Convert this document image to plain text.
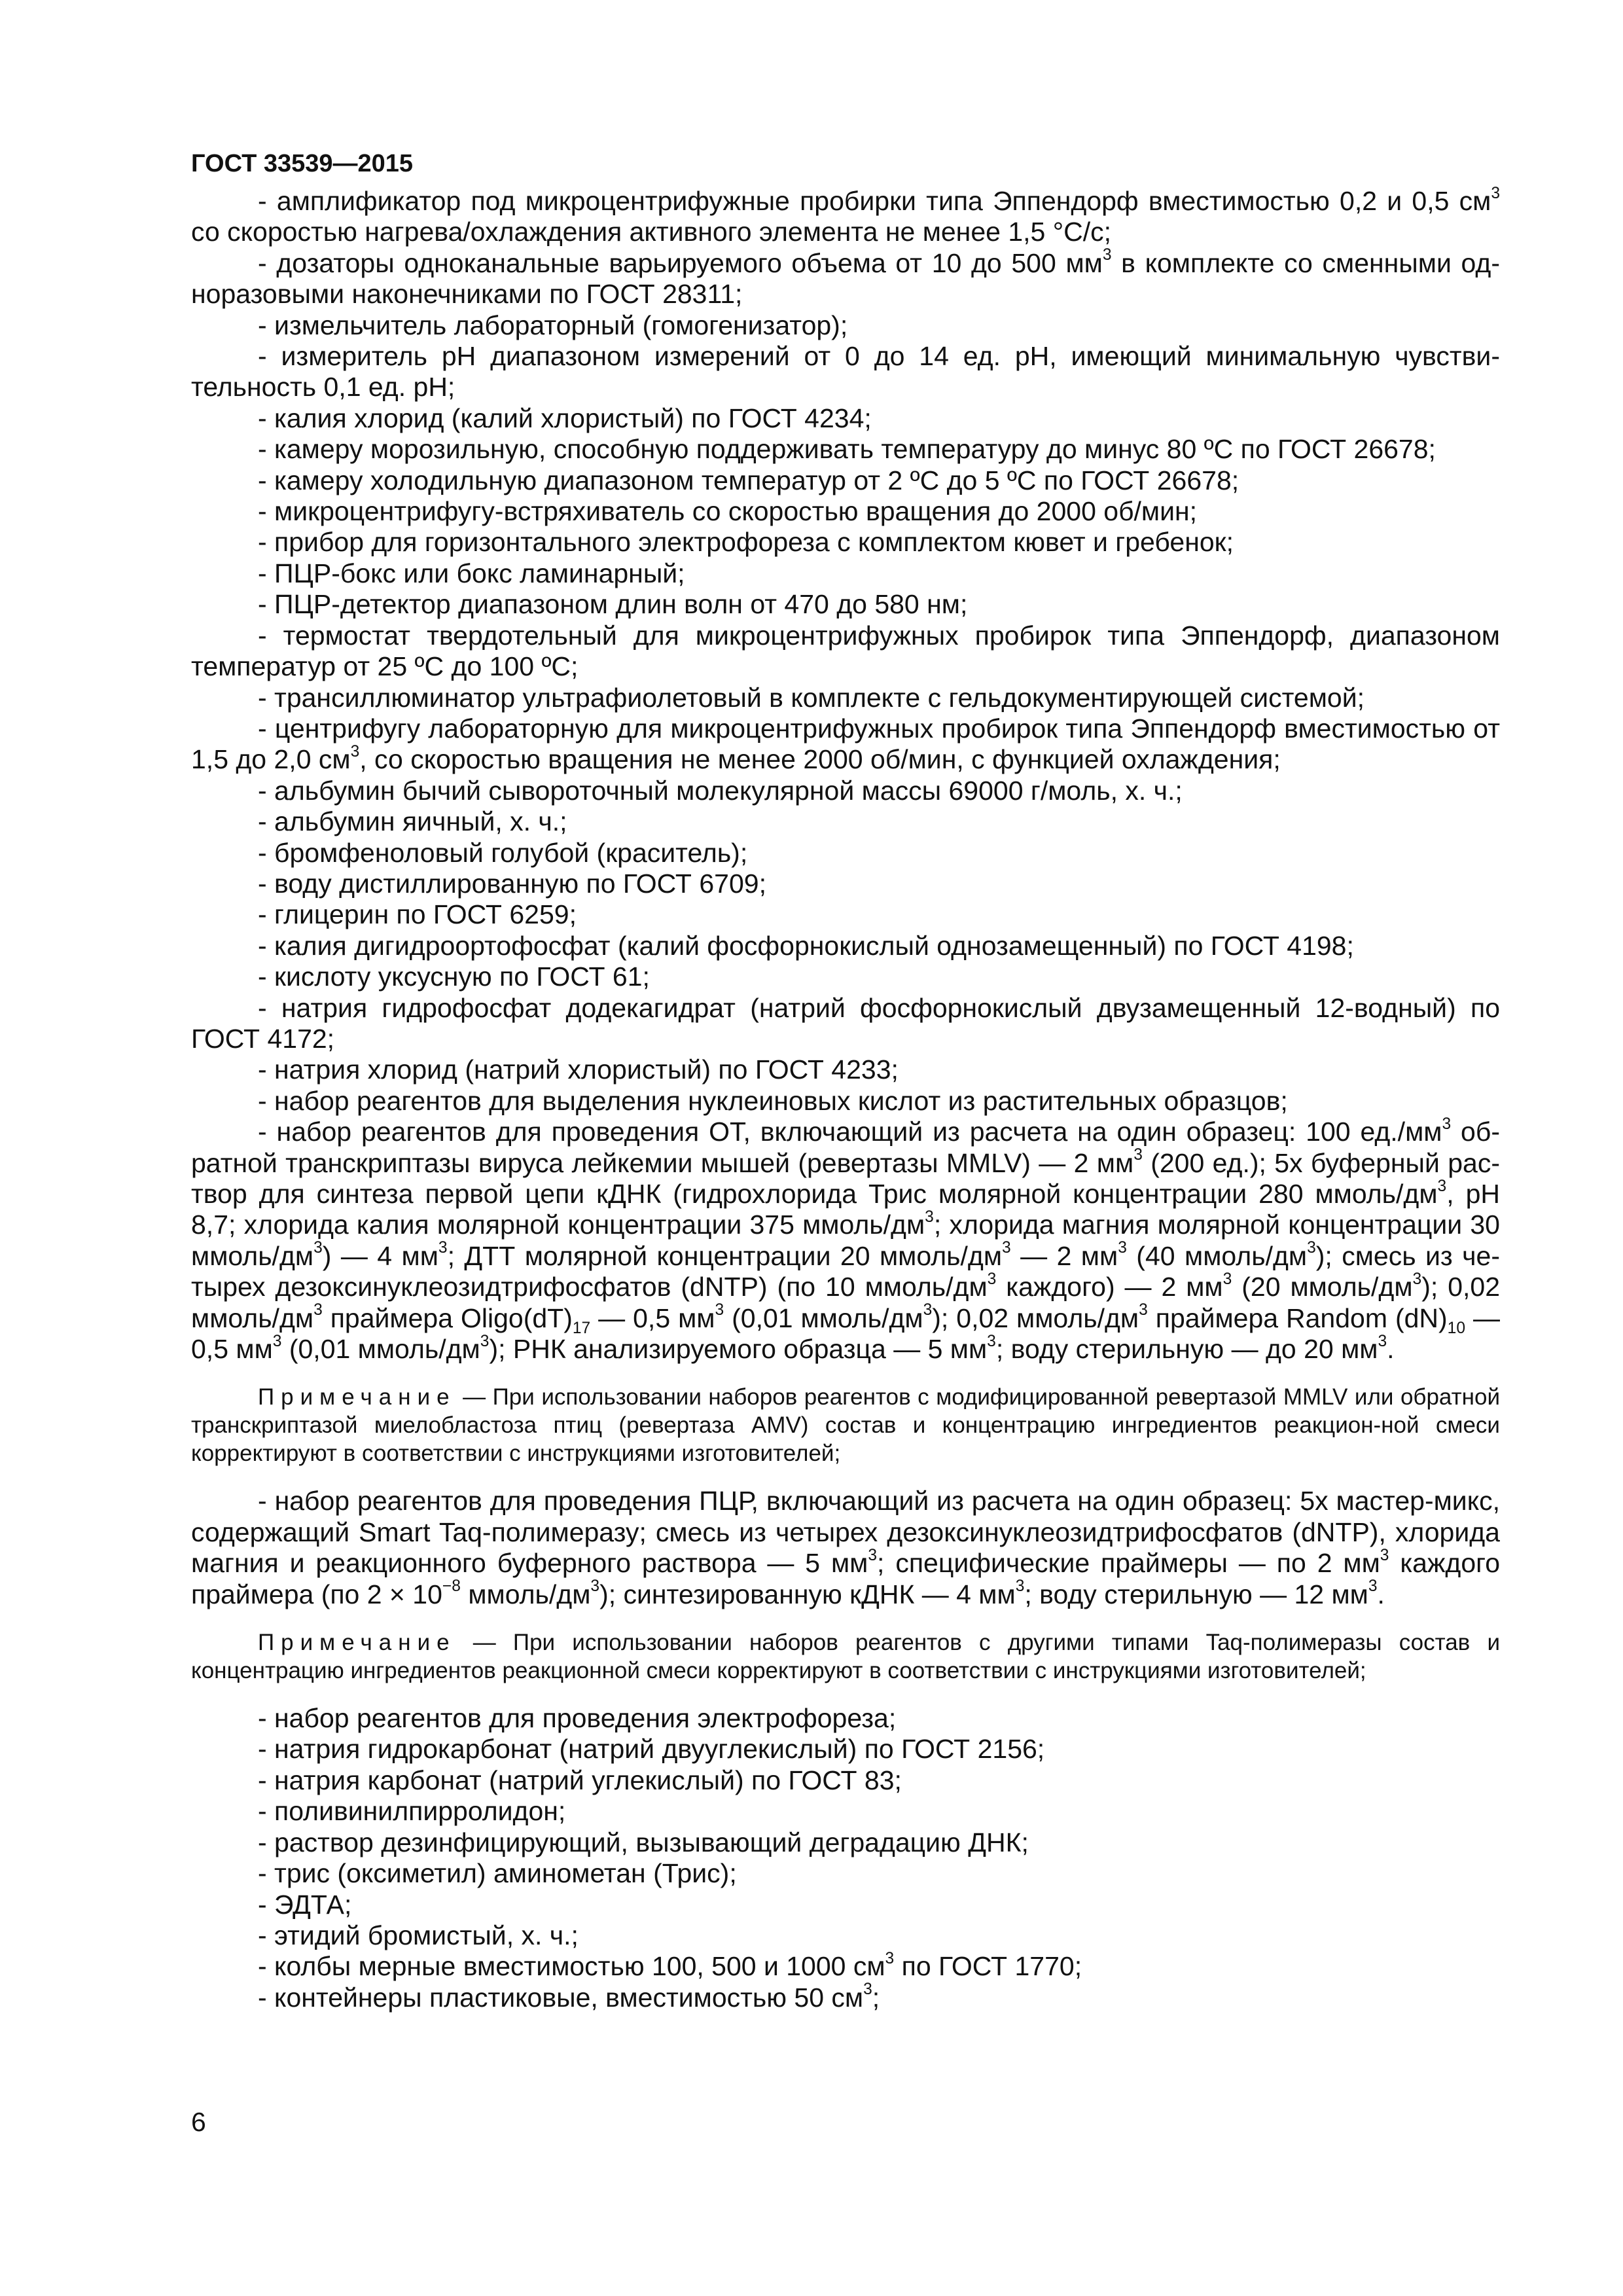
ГОСТ 33539—2015

- амплификатор под микроцентрифужные пробирки типа Эппендорф вместимостью 0,2 и 0,5 $см^3$ со скоростью нагрева/охлаждения активного элемента не менее 1,5 °С/с;

- дозаторы одноканальные варьируемого объема от 10 до 500 $мм^3$ в комплекте со сменными од-норазовыми наконечниками по ГОСТ 28311;

- измельчитель лабораторный (гомогенизатор);

- измеритель pH диапазоном измерений от 0 до 14 ед. pH, имеющий минимальную чувстви-тельность 0,1 ед. pH;

- калия хлорид (калий хлористый) по ГОСТ 4234;

- камеру морозильную, способную поддерживать температуру до минус 80 ºС по ГОСТ 26678;

- камеру холодильную диапазоном температур от 2 ºС до 5 ºС по ГОСТ 26678;

- микроцентрифугу-встряхиватель со скоростью вращения до 2000 об/мин;

- прибор для горизонтального электрофореза с комплектом кювет и гребенок;

- ПЦР-бокс или бокс ламинарный;

- ПЦР-детектор диапазоном длин волн от 470 до 580 нм;

- термостат твердотельный для микроцентрифужных пробирок типа Эппендорф, диапазоном температур от 25 ºС до 100 ºС;

- трансиллюминатор ультрафиолетовый в комплекте с гельдокументирующей системой;

- центрифугу лабораторную для микроцентрифужных пробирок типа Эппендорф вместимостью от 1,5 до 2,0 $см^3$, со скоростью вращения не менее 2000 об/мин, с функцией охлаждения;

- альбумин бычий сывороточный молекулярной массы 69000 г/моль, х. ч.;

- альбумин яичный, х. ч.;

- бромфеноловый голубой (краситель);

- воду дистиллированную по ГОСТ 6709;

- глицерин по ГОСТ 6259;

- калия дигидроортофосфат (калий фосфорнокислый однозамещенный) по ГОСТ 4198;

- кислоту уксусную по ГОСТ 61;

- натрия гидрофосфат додекагидрат (натрий фосфорнокислый двузамещенный 12-водный) по ГОСТ 4172;

- натрия хлорид (натрий хлористый) по ГОСТ 4233;

- набор реагентов для выделения нуклеиновых кислот из растительных образцов;

- набор реагентов для проведения ОТ, включающий из расчета на один образец: 100 $ед./мм^3$ об-ратной транскриптазы вируса лейкемии мышей (ревертазы MMLV) — 2 $мм^3$ (200 ед.); 5х буферный рас-твор для синтеза первой цепи кДНК (гидрохлорида Трис молярной концентрации 280 ммоль/$дм^3$, pH 8,7; хлорида калия молярной концентрации 375 ммоль/$дм^3$; хлорида магния молярной концентрации 30 ммоль/$дм^3$) — 4 $мм^3$; ДТТ молярной концентрации 20 ммоль/$дм^3$ — 2 $мм^3$ (40 ммоль/$дм^3$); смесь из че-тырех дезоксинуклеозидтрифосфатов (dNTP) (по 10 ммоль/$дм^3$ каждого) — 2 $мм^3$ (20 ммоль/$дм^3$); 0,02 ммоль/$дм^3$ праймера $Oligo(dT)_{17}$ — 0,5 $мм^3$ (0,01 ммоль/$дм^3$); 0,02 ммоль/$дм^3$ праймера Random $(dN)_{10}$ — 0,5 $мм^3$ (0,01 ммоль/$дм^3$); РНК анализируемого образца — 5 $мм^3$; воду стерильную — до 20 $мм^3$.

Примечание — При использовании наборов реагентов с модифицированной ревертазой MMLV или обратной транскриптазой миелобластоза птиц (ревертаза AMV) состав и концентрацию ингредиентов реакцион-ной смеси корректируют в соответствии с инструкциями изготовителей;

- набор реагентов для проведения ПЦР, включающий из расчета на один образец: 5х мастер-микс, содержащий Smart Taq-полимеразу; смесь из четырех дезоксинуклеозидтрифосфатов (dNTP), хлорида магния и реакционного буферного раствора — 5 $мм^3$; специфические праймеры — по 2 $мм^3$ каждого праймера (по $2 \times 10^{-8}$ ммоль/$дм^3$); синтезированную кДНК — 4 $мм^3$; воду стерильную — 12 $мм^3$.

Примечание — При использовании наборов реагентов с другими типами Taq-полимеразы состав и концентрацию ингредиентов реакционной смеси корректируют в соответствии с инструкциями изготовителей;

- набор реагентов для проведения электрофореза;

- натрия гидрокарбонат (натрий двууглекислый) по ГОСТ 2156;

- натрия карбонат (натрий углекислый) по ГОСТ 83;

- поливинилпирролидон;

- раствор дезинфицирующий, вызывающий деградацию ДНК;

- трис (оксиметил) аминометан (Трис);

- ЭДТА;

- этидий бромистый, х. ч.;

- колбы мерные вместимостью 100, 500 и 1000 $см^3$ по ГОСТ 1770;

- контейнеры пластиковые, вместимостью 50 $см^3$;

6
